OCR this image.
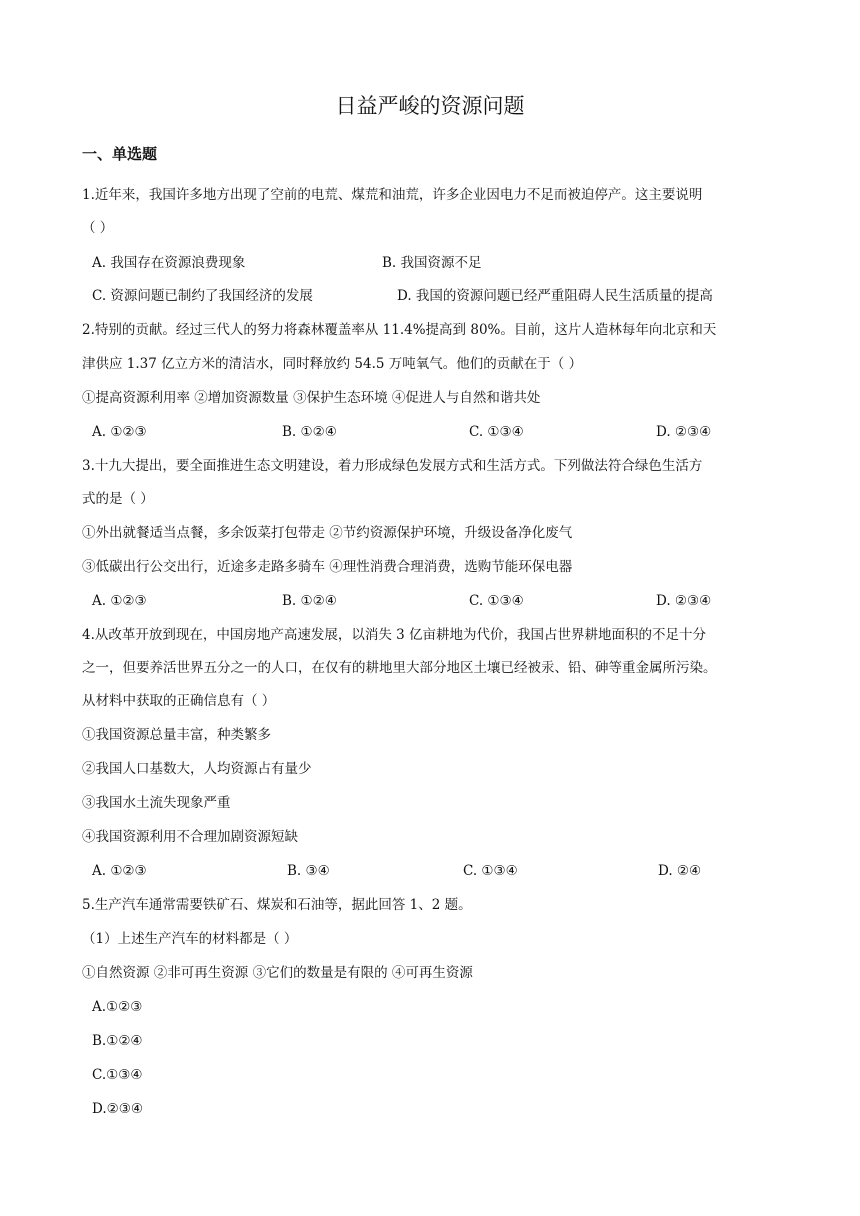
日益严峻的资源问题
一、单选题
1.近年来，我国许多地方出现了空前的电荒、煤荒和油荒，许多企业因电力不足而被迫停产。这主要说明
（ ）
A. 我国存在资源浪费现象	B. 我国资源不足
C. 资源问题已制约了我国经济的发展	D. 我国的资源问题已经严重阻碍人民生活质量的提高
2.特别的贡献。经过三代人的努力将森林覆盖率从 11.4%提高到 80%。目前，这片人造林每年向北京和天
津供应 1.37 亿立方米的清洁水，同时释放约 54.5 万吨氧气。他们的贡献在于（ ）
①提高资源利用率 ②增加资源数量 ③保护生态环境 ④促进人与自然和谐共处
A. ①②③	B. ①②④	C. ①③④	D. ②③④
3.十九大提出，要全面推进生态文明建设，着力形成绿色发展方式和生活方式。下列做法符合绿色生活方
式的是（ ）
①外出就餐适当点餐，多余饭菜打包带走 ②节约资源保护环境，升级设备净化废气
③低碳出行公交出行，近途多走路多骑车 ④理性消费合理消费，选购节能环保电器
A. ①②③	B. ①②④	C. ①③④	D. ②③④
4.从改革开放到现在，中国房地产高速发展，以消失 3 亿亩耕地为代价，我国占世界耕地面积的不足十分
之一，但要养活世界五分之一的人口，在仅有的耕地里大部分地区土壤已经被汞、铅、砷等重金属所污染。
从材料中获取的正确信息有（ ）
①我国资源总量丰富，种类繁多
②我国人口基数大，人均资源占有量少
③我国水土流失现象严重
④我国资源利用不合理加剧资源短缺
A. ①②③	B. ③④	C. ①③④	D. ②④
5.生产汽车通常需要铁矿石、煤炭和石油等，据此回答 1、2 题。
（1）上述生产汽车的材料都是（ ）
①自然资源 ②非可再生资源 ③它们的数量是有限的 ④可再生资源
A.①②③
B.①②④
C.①③④
D.②③④
